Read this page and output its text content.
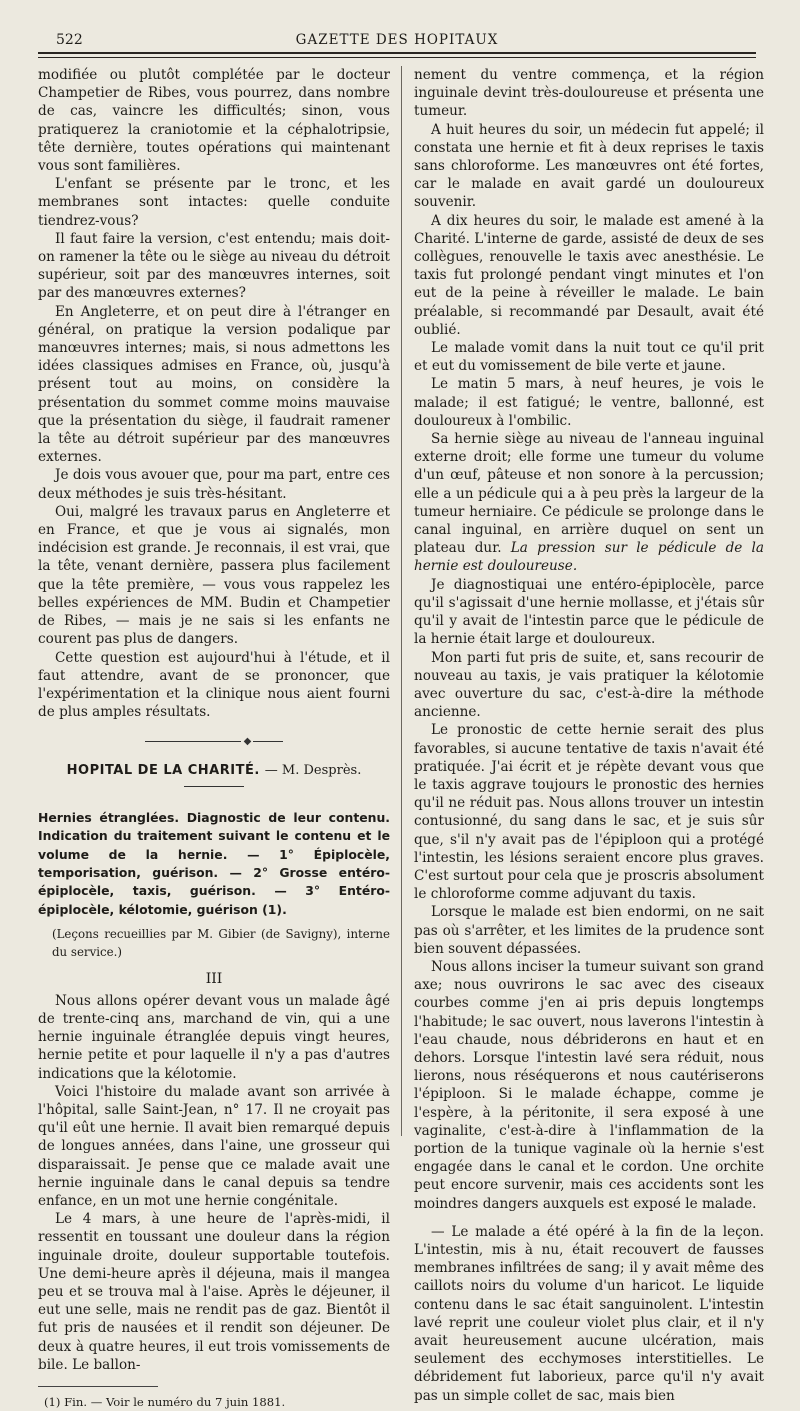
522	GAZETTE DES HOPITAUX

modifiée ou plutôt complétée par le docteur Champetier de Ribes, vous pourrez, dans nombre de cas, vaincre les difficultés; sinon, vous pratiquerez la craniotomie et la céphalotripsie, tête dernière, toutes opérations qui maintenant vous sont familières.

L'enfant se présente par le tronc, et les membranes sont intactes: quelle conduite tiendrez-vous?

Il faut faire la version, c'est entendu; mais doit-on ramener la tête ou le siège au niveau du détroit supérieur, soit par des manœuvres internes, soit par des manœuvres externes?

En Angleterre, et on peut dire à l'étranger en général, on pratique la version podalique par manœuvres internes; mais, si nous admettons les idées classiques admises en France, où, jusqu'à présent tout au moins, on considère la présentation du sommet comme moins mauvaise que la présentation du siège, il faudrait ramener la tête au détroit supérieur par des manœuvres externes.

Je dois vous avouer que, pour ma part, entre ces deux méthodes je suis très-hésitant.

Oui, malgré les travaux parus en Angleterre et en France, et que je vous ai signalés, mon indécision est grande. Je reconnais, il est vrai, que la tête, venant dernière, passera plus facilement que la tête première, — vous vous rappelez les belles expériences de MM. Budin et Champetier de Ribes, — mais je ne sais si les enfants ne courent pas plus de dangers.

Cette question est aujourd'hui à l'étude, et il faut attendre, avant de se prononcer, que l'expérimentation et la clinique nous aient fourni de plus amples résultats.

◆
HOPITAL DE LA CHARITÉ. — M. Desprès.

Hernies étranglées. Diagnostic de leur contenu. Indication du traitement suivant le contenu et le volume de la hernie. — 1° Épiplocèle, temporisation, guérison. — 2° Grosse entéro-épiplocèle, taxis, guérison. — 3° Entéro-épiplocèle, kélotomie, guérison (1).

(Leçons recueillies par M. Gibier (de Savigny), interne du service.)

III

Nous allons opérer devant vous un malade âgé de trente-cinq ans, marchand de vin, qui a une hernie inguinale étranglée depuis vingt heures, hernie petite et pour laquelle il n'y a pas d'autres indications que la kélotomie.

Voici l'histoire du malade avant son arrivée à l'hôpital, salle Saint-Jean, n° 17. Il ne croyait pas qu'il eût une hernie. Il avait bien remarqué depuis de longues années, dans l'aine, une grosseur qui disparaissait. Je pense que ce malade avait une hernie inguinale dans le canal depuis sa tendre enfance, en un mot une hernie congénitale.

Le 4 mars, à une heure de l'après-midi, il ressentit en toussant une douleur dans la région inguinale droite, douleur supportable toutefois. Une demi-heure après il déjeuna, mais il mangea peu et se trouva mal à l'aise. Après le déjeuner, il eut une selle, mais ne rendit pas de gaz. Bientôt il fut pris de nausées et il rendit son déjeuner. De deux à quatre heures, il eut trois vomissements de bile. Le ballon-

(1) Fin. — Voir le numéro du 7 juin 1881.

nement du ventre commença, et la région inguinale devint très-douloureuse et présenta une tumeur.

A huit heures du soir, un médecin fut appelé; il constata une hernie et fit à deux reprises le taxis sans chloroforme. Les manœuvres ont été fortes, car le malade en avait gardé un douloureux souvenir.

A dix heures du soir, le malade est amené à la Charité. L'interne de garde, assisté de deux de ses collègues, renouvelle le taxis avec anesthésie. Le taxis fut prolongé pendant vingt minutes et l'on eut de la peine à réveiller le malade. Le bain préalable, si recommandé par Desault, avait été oublié.

Le malade vomit dans la nuit tout ce qu'il prit et eut du vomissement de bile verte et jaune.

Le matin 5 mars, à neuf heures, je vois le malade; il est fatigué; le ventre, ballonné, est douloureux à l'ombilic.

Sa hernie siège au niveau de l'anneau inguinal externe droit; elle forme une tumeur du volume d'un œuf, pâteuse et non sonore à la percussion; elle a un pédicule qui a à peu près la largeur de la tumeur herniaire. Ce pédicule se prolonge dans le canal inguinal, en arrière duquel on sent un plateau dur. La pression sur le pédicule de la hernie est douloureuse.

Je diagnostiquai une entéro-épiplocèle, parce qu'il s'agissait d'une hernie mollasse, et j'étais sûr qu'il y avait de l'intestin parce que le pédicule de la hernie était large et douloureux.

Mon parti fut pris de suite, et, sans recourir de nouveau au taxis, je vais pratiquer la kélotomie avec ouverture du sac, c'est-à-dire la méthode ancienne.

Le pronostic de cette hernie serait des plus favorables, si aucune tentative de taxis n'avait été pratiquée. J'ai écrit et je répète devant vous que le taxis aggrave toujours le pronostic des hernies qu'il ne réduit pas. Nous allons trouver un intestin contusionné, du sang dans le sac, et je suis sûr que, s'il n'y avait pas de l'épiploon qui a protégé l'intestin, les lésions seraient encore plus graves. C'est surtout pour cela que je proscris absolument le chloroforme comme adjuvant du taxis.

Lorsque le malade est bien endormi, on ne sait pas où s'arrêter, et les limites de la prudence sont bien souvent dépassées.

Nous allons inciser la tumeur suivant son grand axe; nous ouvrirons le sac avec des ciseaux courbes comme j'en ai pris depuis longtemps l'habitude; le sac ouvert, nous laverons l'intestin à l'eau chaude, nous débriderons en haut et en dehors. Lorsque l'intestin lavé sera réduit, nous lierons, nous réséquerons et nous cautériserons l'épiploon. Si le malade échappe, comme je l'espère, à la péritonite, il sera exposé à une vaginalite, c'est-à-dire à l'inflammation de la portion de la tunique vaginale où la hernie s'est engagée dans le canal et le cordon. Une orchite peut encore survenir, mais ces accidents sont les moindres dangers auxquels est exposé le malade.

— Le malade a été opéré à la fin de la leçon. L'intestin, mis à nu, était recouvert de fausses membranes infiltrées de sang; il y avait même des caillots noirs du volume d'un haricot. Le liquide contenu dans le sac était sanguinolent. L'intestin lavé reprit une couleur violet plus clair, et il n'y avait heureusement aucune ulcération, mais seulement des ecchymoses interstitielles. Le débridement fut laborieux, parce qu'il n'y avait pas un simple collet de sac, mais bien
